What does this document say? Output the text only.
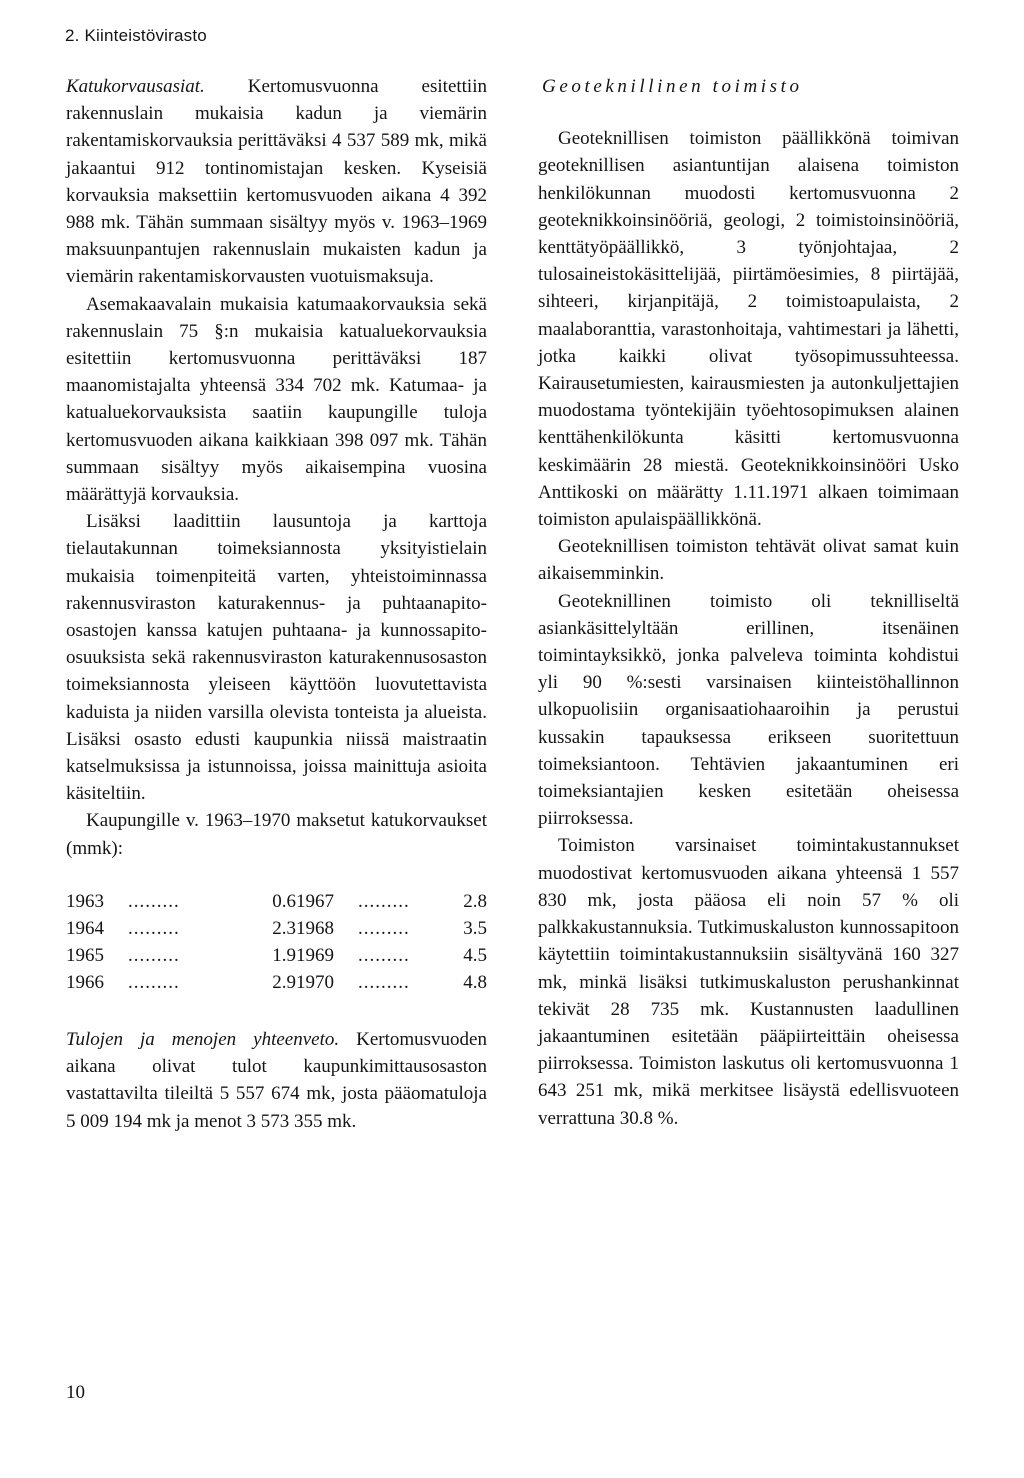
2. Kiinteistövirasto

Katukorvausasiat. Kertomusvuonna esitettiin rakennuslain mukaisia kadun ja viemärin rakentamiskorvauksia perittäväksi 4 537 589 mk, mikä jakaantui 912 tontinomistajan kesken. Kyseisiä korvauksia maksettiin kertomusvuoden aikana 4 392 988 mk. Tähän summaan sisältyy myös v. 1963–1969 maksuunpantujen rakennuslain mukaisten kadun ja viemärin rakentamiskorvausten vuotuismaksuja.

Asemakaavalain mukaisia katumaakorvauksia sekä rakennuslain 75 §:n mukaisia katualuekorvauksia esitettiin kertomusvuonna perittäväksi 187 maanomistajalta yhteensä 334 702 mk. Katumaa- ja katualuekorvauksista saatiin kaupungille tuloja kertomusvuoden aikana kaikkiaan 398 097 mk. Tähän summaan sisältyy myös aikaisempina vuosina määrättyjä korvauksia.

Lisäksi laadittiin lausuntoja ja karttoja tielautakunnan toimeksiannosta yksityistielain mukaisia toimenpiteitä varten, yhteistoiminnassa rakennusviraston katurakennus- ja puhtaanapito-osastojen kanssa katujen puhtaana- ja kunnossapito-osuuksista sekä rakennusviraston katurakennusosaston toimeksiannosta yleiseen käyttöön luovutettavista kaduista ja niiden varsilla olevista tonteista ja alueista. Lisäksi osasto edusti kaupunkia niissä maistraatin katselmuksissa ja istunnoissa, joissa mainittuja asioita käsiteltiin.

Kaupungille v. 1963–1970 maksetut katukorvaukset (mmk):

1963	.........	0.6
1964	.........	2.3
1965	.........	1.9
1966	.........	2.9
1967	.........	2.8
1968	.........	3.5
1969	.........	4.5
1970	.........	4.8

Tulojen ja menojen yhteenveto. Kertomusvuoden aikana olivat tulot kaupunkimittausosaston vastattavilta tileiltä 5 557 674 mk, josta pääomatuloja 5 009 194 mk ja menot 3 573 355 mk.

Geoteknillinen toimisto

Geoteknillisen toimiston päällikkönä toimivan geoteknillisen asiantuntijan alaisena toimiston henkilökunnan muodosti kertomusvuonna 2 geoteknikkoinsinööriä, geologi, 2 toimistoinsinööriä, kenttätyöpäällikkö, 3 työnjohtajaa, 2 tulosaineistokäsittelijää, piirtämöesimies, 8 piirtäjää, sihteeri, kirjanpitäjä, 2 toimistoapulaista, 2 maalaboranttia, varastonhoitaja, vahtimestari ja lähetti, jotka kaikki olivat työsopimussuhteessa. Kairausetumiesten, kairausmiesten ja autonkuljettajien muodostama työntekijäin työehtosopimuksen alainen kenttähenkilökunta käsitti kertomusvuonna keskimäärin 28 miestä. Geoteknikkoinsinööri Usko Anttikoski on määrätty 1.11.1971 alkaen toimimaan toimiston apulaispäällikkönä.

Geoteknillisen toimiston tehtävät olivat samat kuin aikaisemminkin.

Geoteknillinen toimisto oli teknilliseltä asiankäsittelyltään erillinen, itsenäinen toimintayksikkö, jonka palveleva toiminta kohdistui yli 90 %:sesti varsinaisen kiinteistöhallinnon ulkopuolisiin organisaatiohaaroihin ja perustui kussakin tapauksessa erikseen suoritettuun toimeksiantoon. Tehtävien jakaantuminen eri toimeksiantajien kesken esitetään oheisessa piirroksessa.

Toimiston varsinaiset toimintakustannukset muodostivat kertomusvuoden aikana yhteensä 1 557 830 mk, josta pääosa eli noin 57 % oli palkkakustannuksia. Tutkimuskaluston kunnossapitoon käytettiin toimintakustannuksiin sisältyvänä 160 327 mk, minkä lisäksi tutkimuskaluston perushankinnat tekivät 28 735 mk. Kustannusten laadullinen jakaantuminen esitetään pääpiirteittäin oheisessa piirroksessa. Toimiston laskutus oli kertomusvuonna 1 643 251 mk, mikä merkitsee lisäystä edellisvuoteen verrattuna 30.8 %.

10
